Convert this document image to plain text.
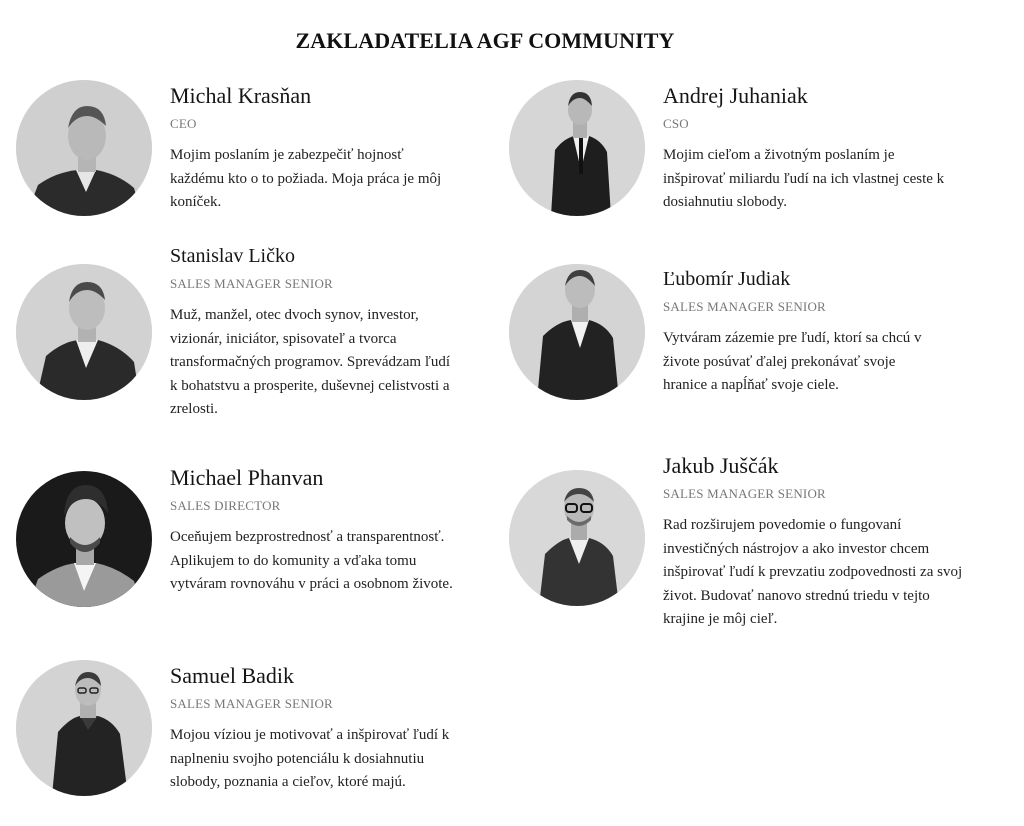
ZAKLADATELIA AGF COMMUNITY
Michal Krasňan
CEO
Mojim poslaním je zabezpečiť hojnosť každému kto o to požiada. Moja práca je môj koníček.
Andrej Juhaniak
CSO
Mojim cieľom a životným poslaním je inšpirovať miliardu ľudí na ich vlastnej ceste k dosiahnutiu slobody.
Stanislav Ličko
SALES MANAGER SENIOR
Muž, manžel, otec dvoch synov, investor, vizionár, iniciátor, spisovateľ a tvorca transformačných programov. Sprevádzam ľudí k bohatstvu a prosperite, duševnej celistvosti a zrelosti.
Ľubomír Judiak
SALES MANAGER SENIOR
Vytváram zázemie pre ľudí, ktorí sa chcú v živote posúvať ďalej prekonávať svoje hranice a napĺňať svoje ciele.
Michael Phanvan
SALES DIRECTOR
Oceňujem bezprostrednosť a transparentnosť. Aplikujem to do komunity a vďaka tomu vytváram rovnováhu v práci a osobnom živote.
Jakub Juščák
SALES MANAGER SENIOR
Rad rozširujem povedomie o fungovaní investičných nástrojov a ako investor chcem inšpirovať ľudí k prevzatiu zodpovednosti za svoj život. Budovať nanovo strednú triedu v tejto krajine je môj cieľ.
Samuel Badik
SALES MANAGER SENIOR
Mojou víziou je motivovať a inšpirovať ľudí k naplneniu svojho potenciálu k dosiahnutiu slobody, poznania a cieľov, ktoré majú.
